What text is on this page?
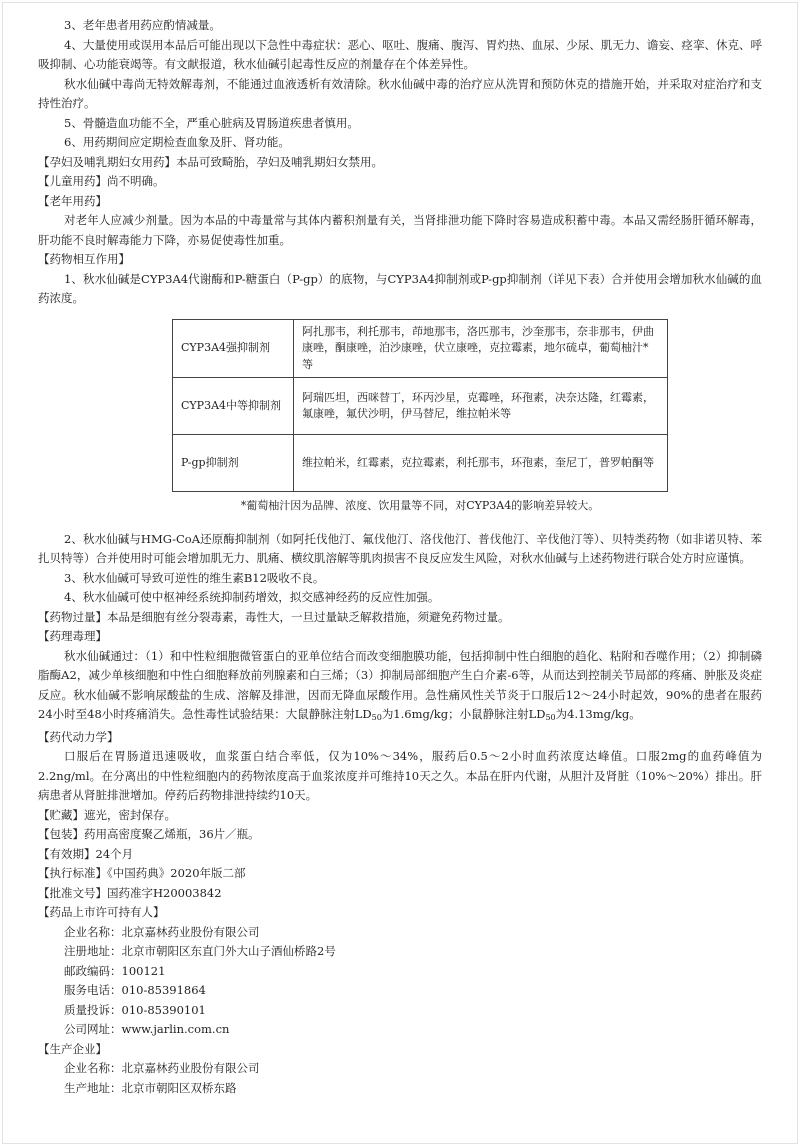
3、老年患者用药应酌情减量。

4、大量使用或误用本品后可能出现以下急性中毒症状：恶心、呕吐、腹痛、腹泻、胃灼热、血尿、少尿、肌无力、谵妄、痉挛、休克、呼吸抑制、心功能衰竭等。有文献报道，秋水仙碱引起毒性反应的剂量存在个体差异性。

秋水仙碱中毒尚无特效解毒剂，不能通过血液透析有效清除。秋水仙碱中毒的治疗应从洗胃和预防休克的措施开始，并采取对症治疗和支持性治疗。

5、骨髓造血功能不全，严重心脏病及胃肠道疾患者慎用。

6、用药期间应定期检查血象及肝、肾功能。

【孕妇及哺乳期妇女用药】本品可致畸胎，孕妇及哺乳期妇女禁用。

【儿童用药】尚不明确。

【老年用药】

对老年人应减少剂量。因为本品的中毒量常与其体内蓄积剂量有关，当肾排泄功能下降时容易造成积蓄中毒。本品又需经肠肝循环解毒，肝功能不良时解毒能力下降，亦易促使毒性加重。

【药物相互作用】

1、秋水仙碱是CYP3A4代谢酶和P-糖蛋白（P-gp）的底物，与CYP3A4抑制剂或P-gp抑制剂（详见下表）合并使用会增加秋水仙碱的血药浓度。

CYP3A4强抑制剂	阿扎那韦，利托那韦，茚地那韦，洛匹那韦，沙奎那韦，奈非那韦，伊曲康唑，酮康唑，泊沙康唑，伏立康唑，克拉霉素，地尔硫卓，葡萄柚汁*等
CYP3A4中等抑制剂	阿瑞匹坦，西咪替丁，环丙沙星，克霉唑，环孢素，决奈达隆，红霉素，氟康唑，氟伏沙明，伊马替尼，维拉帕米等
P-gp抑制剂	维拉帕米，红霉素，克拉霉素，利托那韦，环孢素，奎尼丁，普罗帕酮等
*葡萄柚汁因为品牌、浓度、饮用量等不同，对CYP3A4的影响差异较大。

2、秋水仙碱与HMG-CoA还原酶抑制剂（如阿托伐他汀、氟伐他汀、洛伐他汀、普伐他汀、辛伐他汀等）、贝特类药物（如非诺贝特、苯扎贝特等）合并使用时可能会增加肌无力、肌痛、横纹肌溶解等肌肉损害不良反应发生风险，对秋水仙碱与上述药物进行联合处方时应谨慎。

3、秋水仙碱可导致可逆性的维生素B12吸收不良。

4、秋水仙碱可使中枢神经系统抑制药增效，拟交感神经药的反应性加强。

【药物过量】本品是细胞有丝分裂毒素，毒性大，一旦过量缺乏解救措施，须避免药物过量。

【药理毒理】

秋水仙碱通过：（1）和中性粒细胞微管蛋白的亚单位结合而改变细胞膜功能，包括抑制中性白细胞的趋化、粘附和吞噬作用；（2）抑制磷脂酶A2，减少单核细胞和中性白细胞释放前列腺素和白三烯；（3）抑制局部细胞产生白介素-6等，从而达到控制关节局部的疼痛、肿胀及炎症反应。秋水仙碱不影响尿酸盐的生成、溶解及排泄，因而无降血尿酸作用。急性痛风性关节炎于口服后12～24小时起效，90%的患者在服药24小时至48小时疼痛消失。急性毒性试验结果：大鼠静脉注射$LD_{50}$为1.6mg/kg；小鼠静脉注射$LD_{50}$为4.13mg/kg。

【药代动力学】

口服后在胃肠道迅速吸收，血浆蛋白结合率低，仅为10%～34%，服药后0.5～2小时血药浓度达峰值。口服2mg的血药峰值为2.2ng/ml。在分离出的中性粒细胞内的药物浓度高于血浆浓度并可维持10天之久。本品在肝内代谢，从胆汁及肾脏（10%～20%）排出。肝病患者从肾脏排泄增加。停药后药物排泄持续约10天。

【贮藏】遮光，密封保存。

【包装】药用高密度聚乙烯瓶，36片／瓶。

【有效期】24个月

【执行标准】《中国药典》2020年版二部

【批准文号】国药准字H20003842

【药品上市许可持有人】

企业名称： 北京嘉林药业股份有限公司
注册地址： 北京市朝阳区东直门外大山子酒仙桥路2号
邮政编码： 100121
服务电话： 010-85391864
质量投诉： 010-85390101
公司网址： www.jarlin.com.cn

【生产企业】

企业名称： 北京嘉林药业股份有限公司
生产地址： 北京市朝阳区双桥东路
